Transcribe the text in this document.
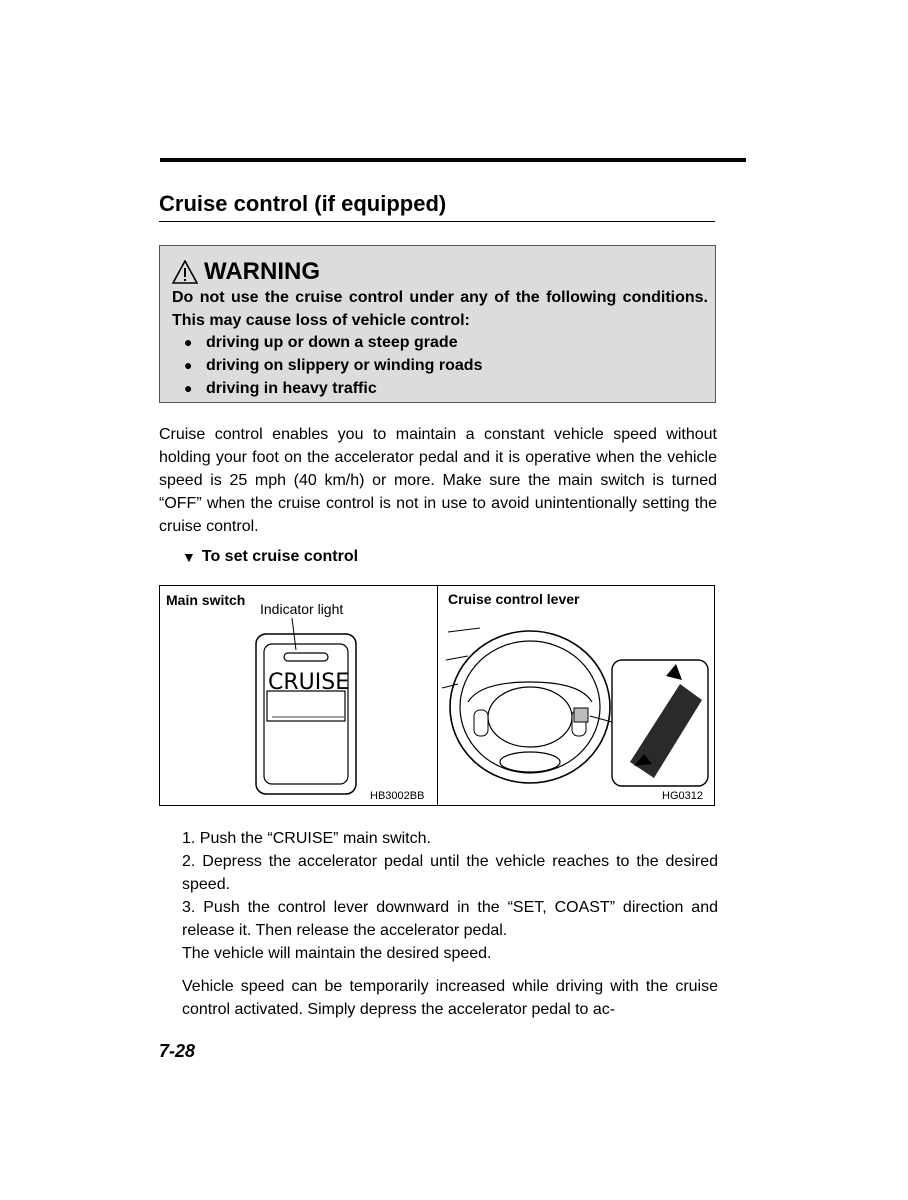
Cruise control (if equipped)
WARNING
Do not use the cruise control under any of the following conditions. This may cause loss of vehicle control:
● driving up or down a steep grade
● driving on slippery or winding roads
● driving in heavy traffic
Cruise control enables you to maintain a constant vehicle speed without holding your foot on the accelerator pedal and it is operative when the vehicle speed is 25 mph (40 km/h) or more. Make sure the main switch is turned “OFF” when the cruise control is not in use to avoid unintentionally setting the cruise control.
▼ To set cruise control
Main switch
Indicator light
CRUISE
HB3002BB
Cruise control lever
HG0312

1. Push the “CRUISE” main switch.

2. Depress the accelerator pedal until the vehicle reaches to the desired speed.

3. Push the control lever downward in the “SET, COAST” direction and release it. Then release the accelerator pedal.

The vehicle will maintain the desired speed.

Vehicle speed can be temporarily increased while driving with the cruise control activated. Simply depress the accelerator pedal to ac-
7-28
